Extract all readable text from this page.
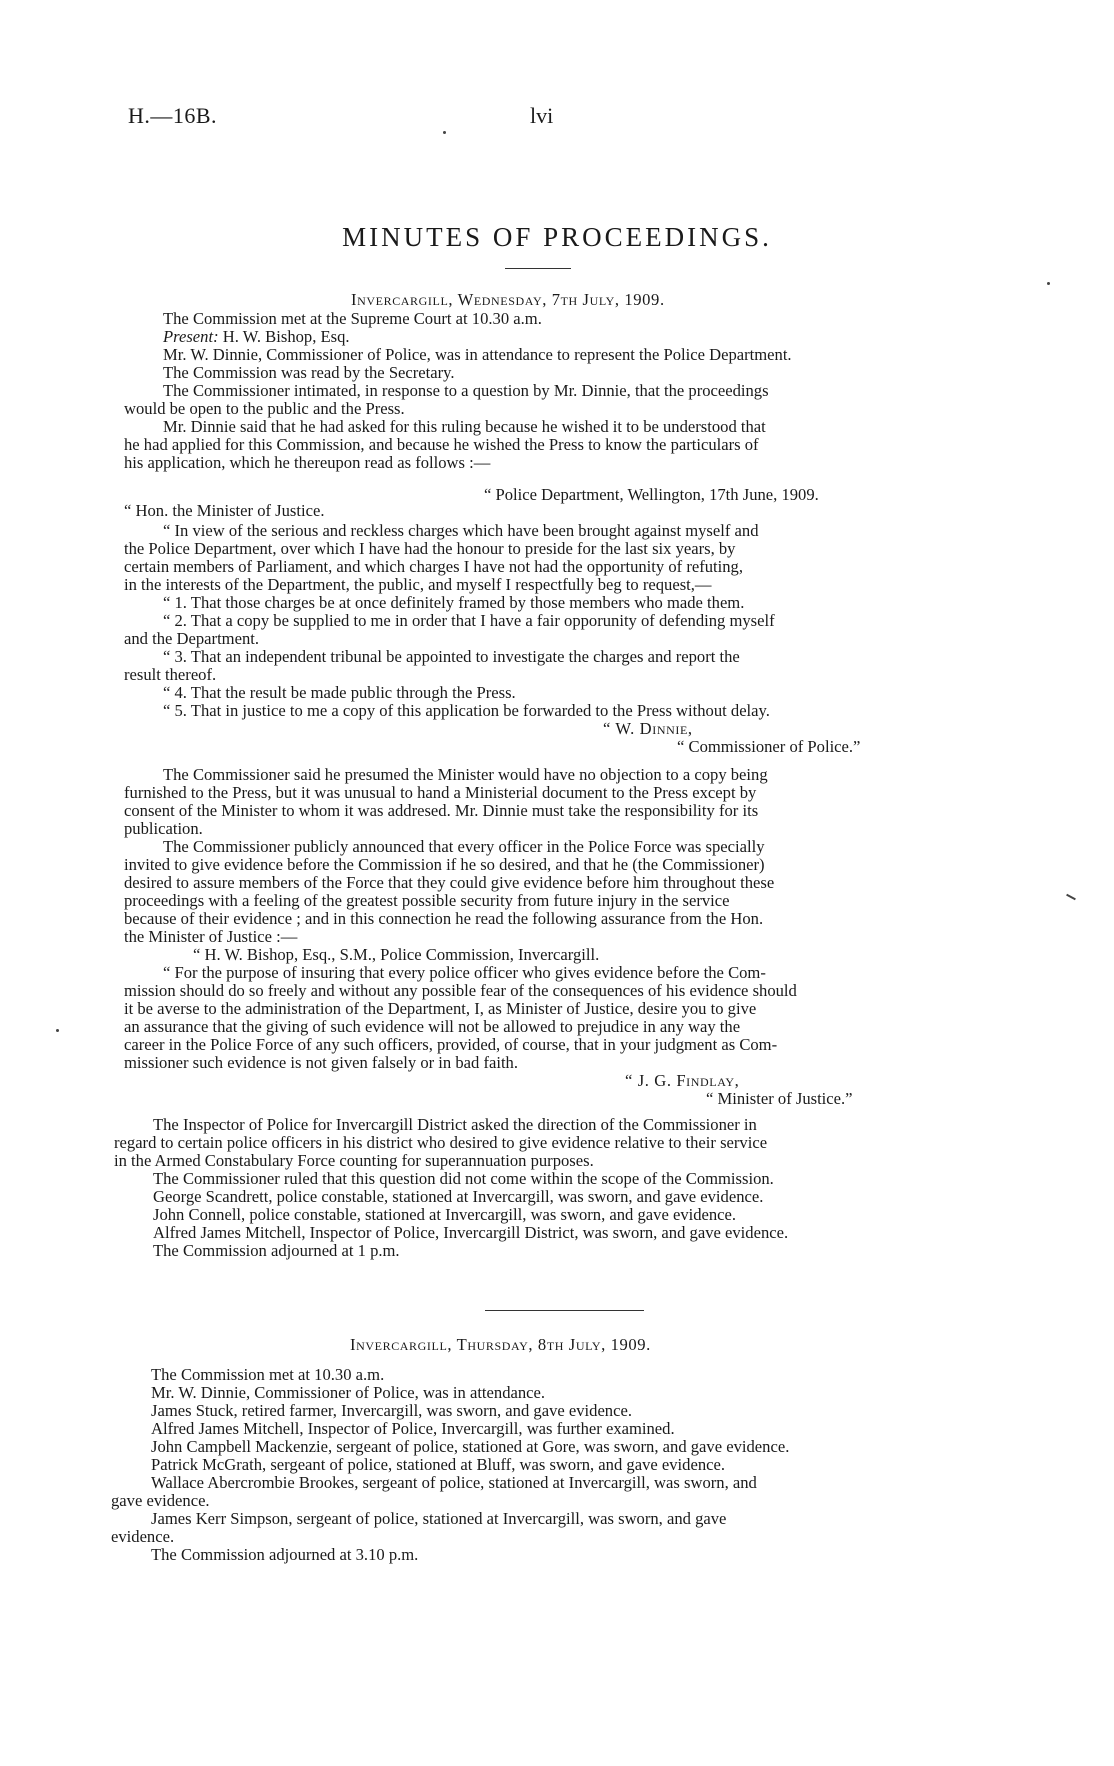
H.—16B.	lvi
MINUTES OF PROCEEDINGS.
Invercargill, Wednesday, 7th July, 1909.
The Commission met at the Supreme Court at 10.30 a.m.
Present: H. W. Bishop, Esq.
Mr. W. Dinnie, Commissioner of Police, was in attendance to represent the Police Department.
The Commission was read by the Secretary.
The Commissioner intimated, in response to a question by Mr. Dinnie, that the proceedings
would be open to the public and the Press.
Mr. Dinnie said that he had asked for this ruling because he wished it to be understood that
he had applied for this Commission, and because he wished the Press to know the particulars of
his application, which he thereupon read as follows :—
“ Police Department, Wellington, 17th June, 1909.
“ Hon. the Minister of Justice.
“ In view of the serious and reckless charges which have been brought against myself and
the Police Department, over which I have had the honour to preside for the last six years, by
certain members of Parliament, and which charges I have not had the opportunity of refuting,
in the interests of the Department, the public, and myself I respectfully beg to request,—
“ 1. That those charges be at once definitely framed by those members who made them.
“ 2. That a copy be supplied to me in order that I have a fair opporunity of defending myself
and the Department.
“ 3. That an independent tribunal be appointed to investigate the charges and report the
result thereof.
“ 4. That the result be made public through the Press.
“ 5. That in justice to me a copy of this application be forwarded to the Press without delay.
“ W. Dinnie,
“ Commissioner of Police.”
The Commissioner said he presumed the Minister would have no objection to a copy being
furnished to the Press, but it was unusual to hand a Ministerial document to the Press except by
consent of the Minister to whom it was addresed. Mr. Dinnie must take the responsibility for its
publication.
The Commissioner publicly announced that every officer in the Police Force was specially
invited to give evidence before the Commission if he so desired, and that he (the Commissioner)
desired to assure members of the Force that they could give evidence before him throughout these
proceedings with a feeling of the greatest possible security from future injury in the service
because of their evidence ; and in this connection he read the following assurance from the Hon.
the Minister of Justice :—
“ H. W. Bishop, Esq., S.M., Police Commission, Invercargill.
“ For the purpose of insuring that every police officer who gives evidence before the Com-
mission should do so freely and without any possible fear of the consequences of his evidence should
it be averse to the administration of the Department, I, as Minister of Justice, desire you to give
an assurance that the giving of such evidence will not be allowed to prejudice in any way the
career in the Police Force of any such officers, provided, of course, that in your judgment as Com-
missioner such evidence is not given falsely or in bad faith.
“ J. G. Findlay,
“ Minister of Justice.”
The Inspector of Police for Invercargill District asked the direction of the Commissioner in
regard to certain police officers in his district who desired to give evidence relative to their service
in the Armed Constabulary Force counting for superannuation purposes.
The Commissioner ruled that this question did not come within the scope of the Commission.
George Scandrett, police constable, stationed at Invercargill, was sworn, and gave evidence.
John Connell, police constable, stationed at Invercargill, was sworn, and gave evidence.
Alfred James Mitchell, Inspector of Police, Invercargill District, was sworn, and gave evidence.
The Commission adjourned at 1 p.m.
Invercargill, Thursday, 8th July, 1909.
The Commission met at 10.30 a.m.
Mr. W. Dinnie, Commissioner of Police, was in attendance.
James Stuck, retired farmer, Invercargill, was sworn, and gave evidence.
Alfred James Mitchell, Inspector of Police, Invercargill, was further examined.
John Campbell Mackenzie, sergeant of police, stationed at Gore, was sworn, and gave evidence.
Patrick McGrath, sergeant of police, stationed at Bluff, was sworn, and gave evidence.
Wallace Abercrombie Brookes, sergeant of police, stationed at Invercargill, was sworn, and
gave evidence.
James Kerr Simpson, sergeant of police, stationed at Invercargill, was sworn, and gave
evidence.
The Commission adjourned at 3.10 p.m.
